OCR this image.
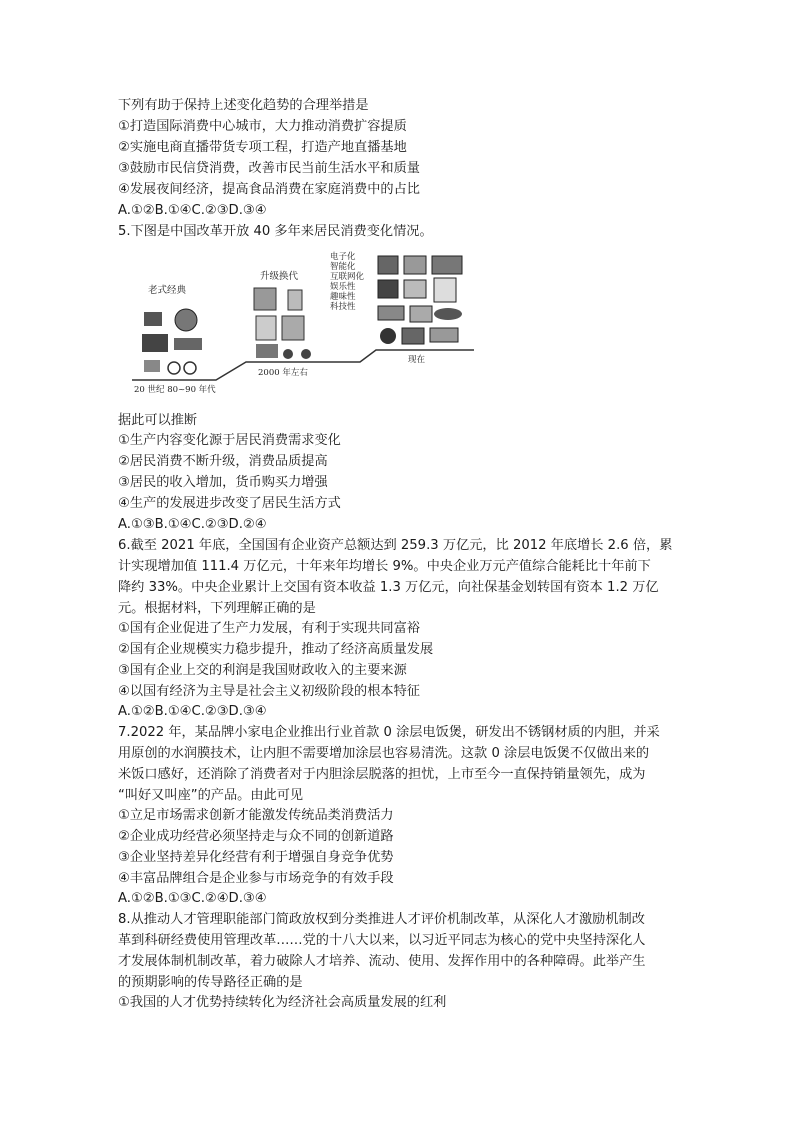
下列有助于保持上述变化趋势的合理举措是
①打造国际消费中心城市，大力推动消费扩容提质
②实施电商直播带货专项工程，打造产地直播基地
③鼓励市民信贷消费，改善市民当前生活水平和质量
④发展夜间经济，提高食品消费在家庭消费中的占比
A.①②B.①④C.②③D.③④
5.下图是中国改革开放 40 多年来居民消费变化情况。
老式经典
升级换代
电子化
智能化
互联网化
娱乐性
趣味性
科技性
20 世纪 80~90 年代
2000 年左右
现在
据此可以推断
①生产内容变化源于居民消费需求变化
②居民消费不断升级，消费品质提高
③居民的收入增加，货币购买力增强
④生产的发展进步改变了居民生活方式
A.①③B.①④C.②③D.②④
6.截至 2021 年底，全国国有企业资产总额达到 259.3 万亿元，比 2012 年底增长 2.6 倍，累
计实现增加值 111.4 万亿元，十年来年均增长 9%。中央企业万元产值综合能耗比十年前下
降约 33%。中央企业累计上交国有资本收益 1.3 万亿元，向社保基金划转国有资本 1.2 万亿
元。根据材料，下列理解正确的是
①国有企业促进了生产力发展，有利于实现共同富裕
②国有企业规模实力稳步提升，推动了经济高质量发展
③国有企业上交的利润是我国财政收入的主要来源
④以国有经济为主导是社会主义初级阶段的根本特征
A.①②B.①④C.②③D.③④
7.2022 年，某品牌小家电企业推出行业首款 0 涂层电饭煲，研发出不锈钢材质的内胆，并采
用原创的水润膜技术，让内胆不需要增加涂层也容易清洗。这款 0 涂层电饭煲不仅做出来的
米饭口感好，还消除了消费者对于内胆涂层脱落的担忧，上市至今一直保持销量领先，成为
“叫好又叫座”的产品。由此可见
①立足市场需求创新才能激发传统品类消费活力
②企业成功经营必须坚持走与众不同的创新道路
③企业坚持差异化经营有利于增强自身竞争优势
④丰富品牌组合是企业参与市场竞争的有效手段
A.①②B.①③C.②④D.③④
8.从推动人才管理职能部门简政放权到分类推进人才评价机制改革，从深化人才激励机制改
革到科研经费使用管理改革……党的十八大以来，以习近平同志为核心的党中央坚持深化人
才发展体制机制改革，着力破除人才培养、流动、使用、发挥作用中的各种障碍。此举产生
的预期影响的传导路径正确的是
①我国的人才优势持续转化为经济社会高质量发展的红利
